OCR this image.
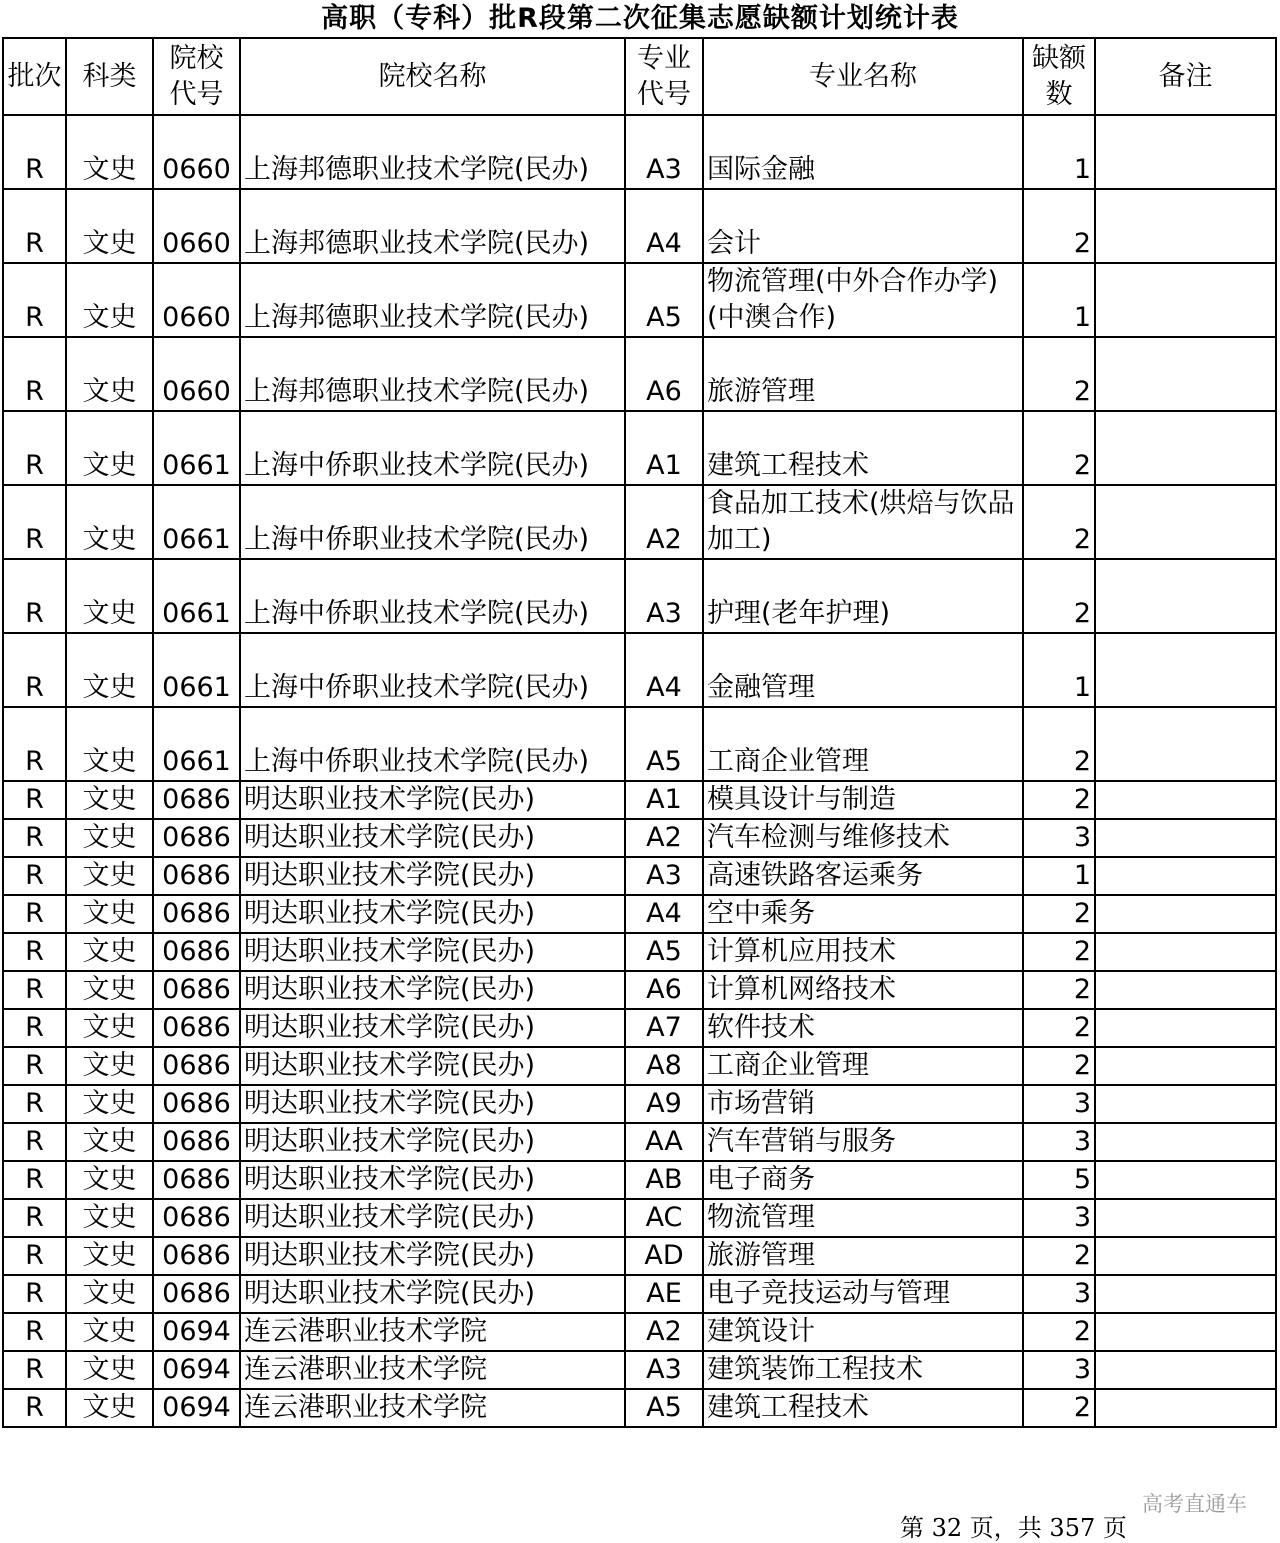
高职（专科）批R段第二次征集志愿缺额计划统计表
批次	科类	院校代号	院校名称	专业代号	专业名称	缺额数	备注
R	文史	0660	上海邦德职业技术学院(民办)	A3	国际金融	1	
R	文史	0660	上海邦德职业技术学院(民办)	A4	会计	2	
R	文史	0660	上海邦德职业技术学院(民办)	A5	物流管理(中外合作办学)(中澳合作)	1	
R	文史	0660	上海邦德职业技术学院(民办)	A6	旅游管理	2	
R	文史	0661	上海中侨职业技术学院(民办)	A1	建筑工程技术	2	
R	文史	0661	上海中侨职业技术学院(民办)	A2	食品加工技术(烘焙与饮品加工)	2	
R	文史	0661	上海中侨职业技术学院(民办)	A3	护理(老年护理)	2	
R	文史	0661	上海中侨职业技术学院(民办)	A4	金融管理	1	
R	文史	0661	上海中侨职业技术学院(民办)	A5	工商企业管理	2	
R	文史	0686	明达职业技术学院(民办)	A1	模具设计与制造	2	
R	文史	0686	明达职业技术学院(民办)	A2	汽车检测与维修技术	3	
R	文史	0686	明达职业技术学院(民办)	A3	高速铁路客运乘务	1	
R	文史	0686	明达职业技术学院(民办)	A4	空中乘务	2	
R	文史	0686	明达职业技术学院(民办)	A5	计算机应用技术	2	
R	文史	0686	明达职业技术学院(民办)	A6	计算机网络技术	2	
R	文史	0686	明达职业技术学院(民办)	A7	软件技术	2	
R	文史	0686	明达职业技术学院(民办)	A8	工商企业管理	2	
R	文史	0686	明达职业技术学院(民办)	A9	市场营销	3	
R	文史	0686	明达职业技术学院(民办)	AA	汽车营销与服务	3	
R	文史	0686	明达职业技术学院(民办)	AB	电子商务	5	
R	文史	0686	明达职业技术学院(民办)	AC	物流管理	3	
R	文史	0686	明达职业技术学院(民办)	AD	旅游管理	2	
R	文史	0686	明达职业技术学院(民办)	AE	电子竞技运动与管理	3	
R	文史	0694	连云港职业技术学院	A2	建筑设计	2	
R	文史	0694	连云港职业技术学院	A3	建筑装饰工程技术	3	
R	文史	0694	连云港职业技术学院	A5	建筑工程技术	2	
第 32 页，共 357 页
高考直通车
